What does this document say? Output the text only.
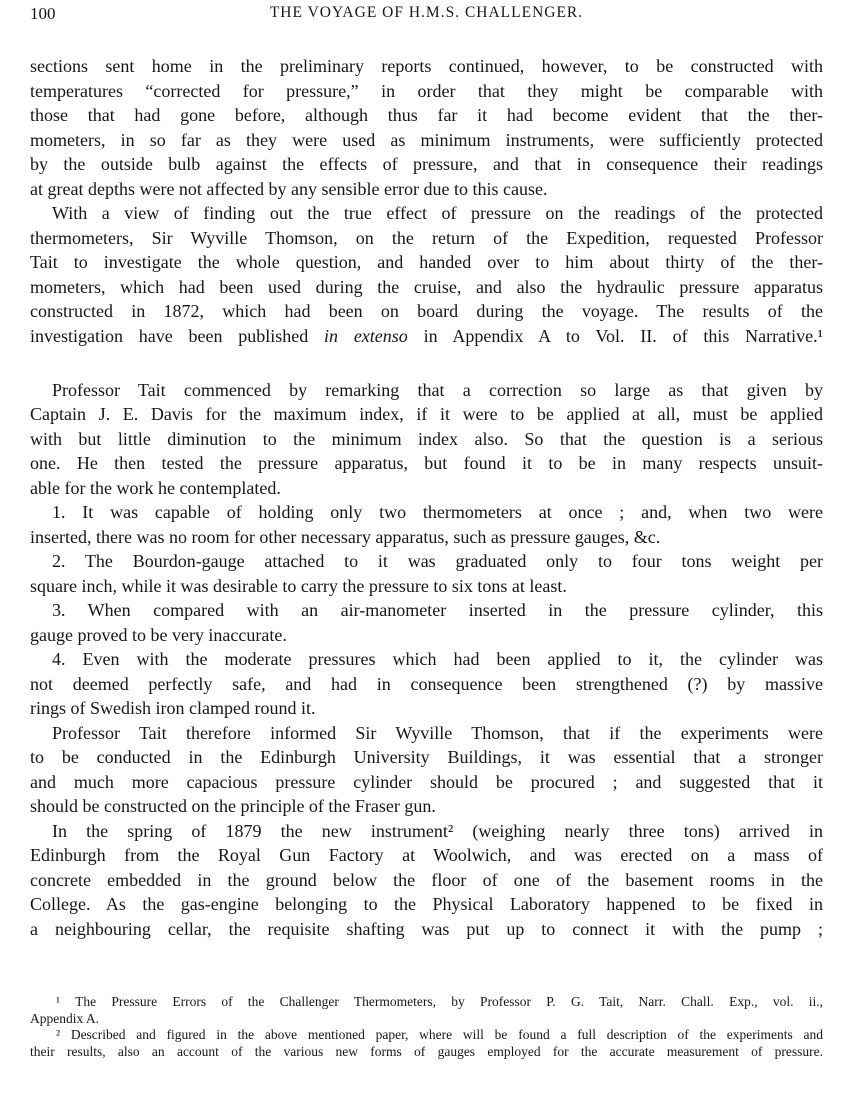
100	THE VOYAGE OF H.M.S. CHALLENGER.
sections sent home in the preliminary reports continued, however, to be constructed with
temperatures “corrected for pressure,” in order that they might be comparable with
those that had gone before, although thus far it had become evident that the ther-
mometers, in so far as they were used as minimum instruments, were sufficiently protected
by the outside bulb against the effects of pressure, and that in consequence their readings
at great depths were not affected by any sensible error due to this cause.
With a view of finding out the true effect of pressure on the readings of the protected
thermometers, Sir Wyville Thomson, on the return of the Expedition, requested Professor
Tait to investigate the whole question, and handed over to him about thirty of the ther-
mometers, which had been used during the cruise, and also the hydraulic pressure apparatus
constructed in 1872, which had been on board during the voyage. The results of the
investigation have been published in extenso in Appendix A to Vol. II. of this Narrative.¹
Professor Tait commenced by remarking that a correction so large as that given by
Captain J. E. Davis for the maximum index, if it were to be applied at all, must be applied
with but little diminution to the minimum index also. So that the question is a serious
one. He then tested the pressure apparatus, but found it to be in many respects unsuit-
able for the work he contemplated.
1. It was capable of holding only two thermometers at once ; and, when two were
inserted, there was no room for other necessary apparatus, such as pressure gauges, &c.
2. The Bourdon-gauge attached to it was graduated only to four tons weight per
square inch, while it was desirable to carry the pressure to six tons at least.
3. When compared with an air-manometer inserted in the pressure cylinder, this
gauge proved to be very inaccurate.
4. Even with the moderate pressures which had been applied to it, the cylinder was
not deemed perfectly safe, and had in consequence been strengthened (?) by massive
rings of Swedish iron clamped round it.
Professor Tait therefore informed Sir Wyville Thomson, that if the experiments were
to be conducted in the Edinburgh University Buildings, it was essential that a stronger
and much more capacious pressure cylinder should be procured ; and suggested that it
should be constructed on the principle of the Fraser gun.
In the spring of 1879 the new instrument² (weighing nearly three tons) arrived in
Edinburgh from the Royal Gun Factory at Woolwich, and was erected on a mass of
concrete embedded in the ground below the floor of one of the basement rooms in the
College. As the gas-engine belonging to the Physical Laboratory happened to be fixed in
a neighbouring cellar, the requisite shafting was put up to connect it with the pump ;
¹ The Pressure Errors of the Challenger Thermometers, by Professor P. G. Tait, Narr. Chall. Exp., vol. ii.,
Appendix A.
² Described and figured in the above mentioned paper, where will be found a full description of the experiments and
their results, also an account of the various new forms of gauges employed for the accurate measurement of pressure.
